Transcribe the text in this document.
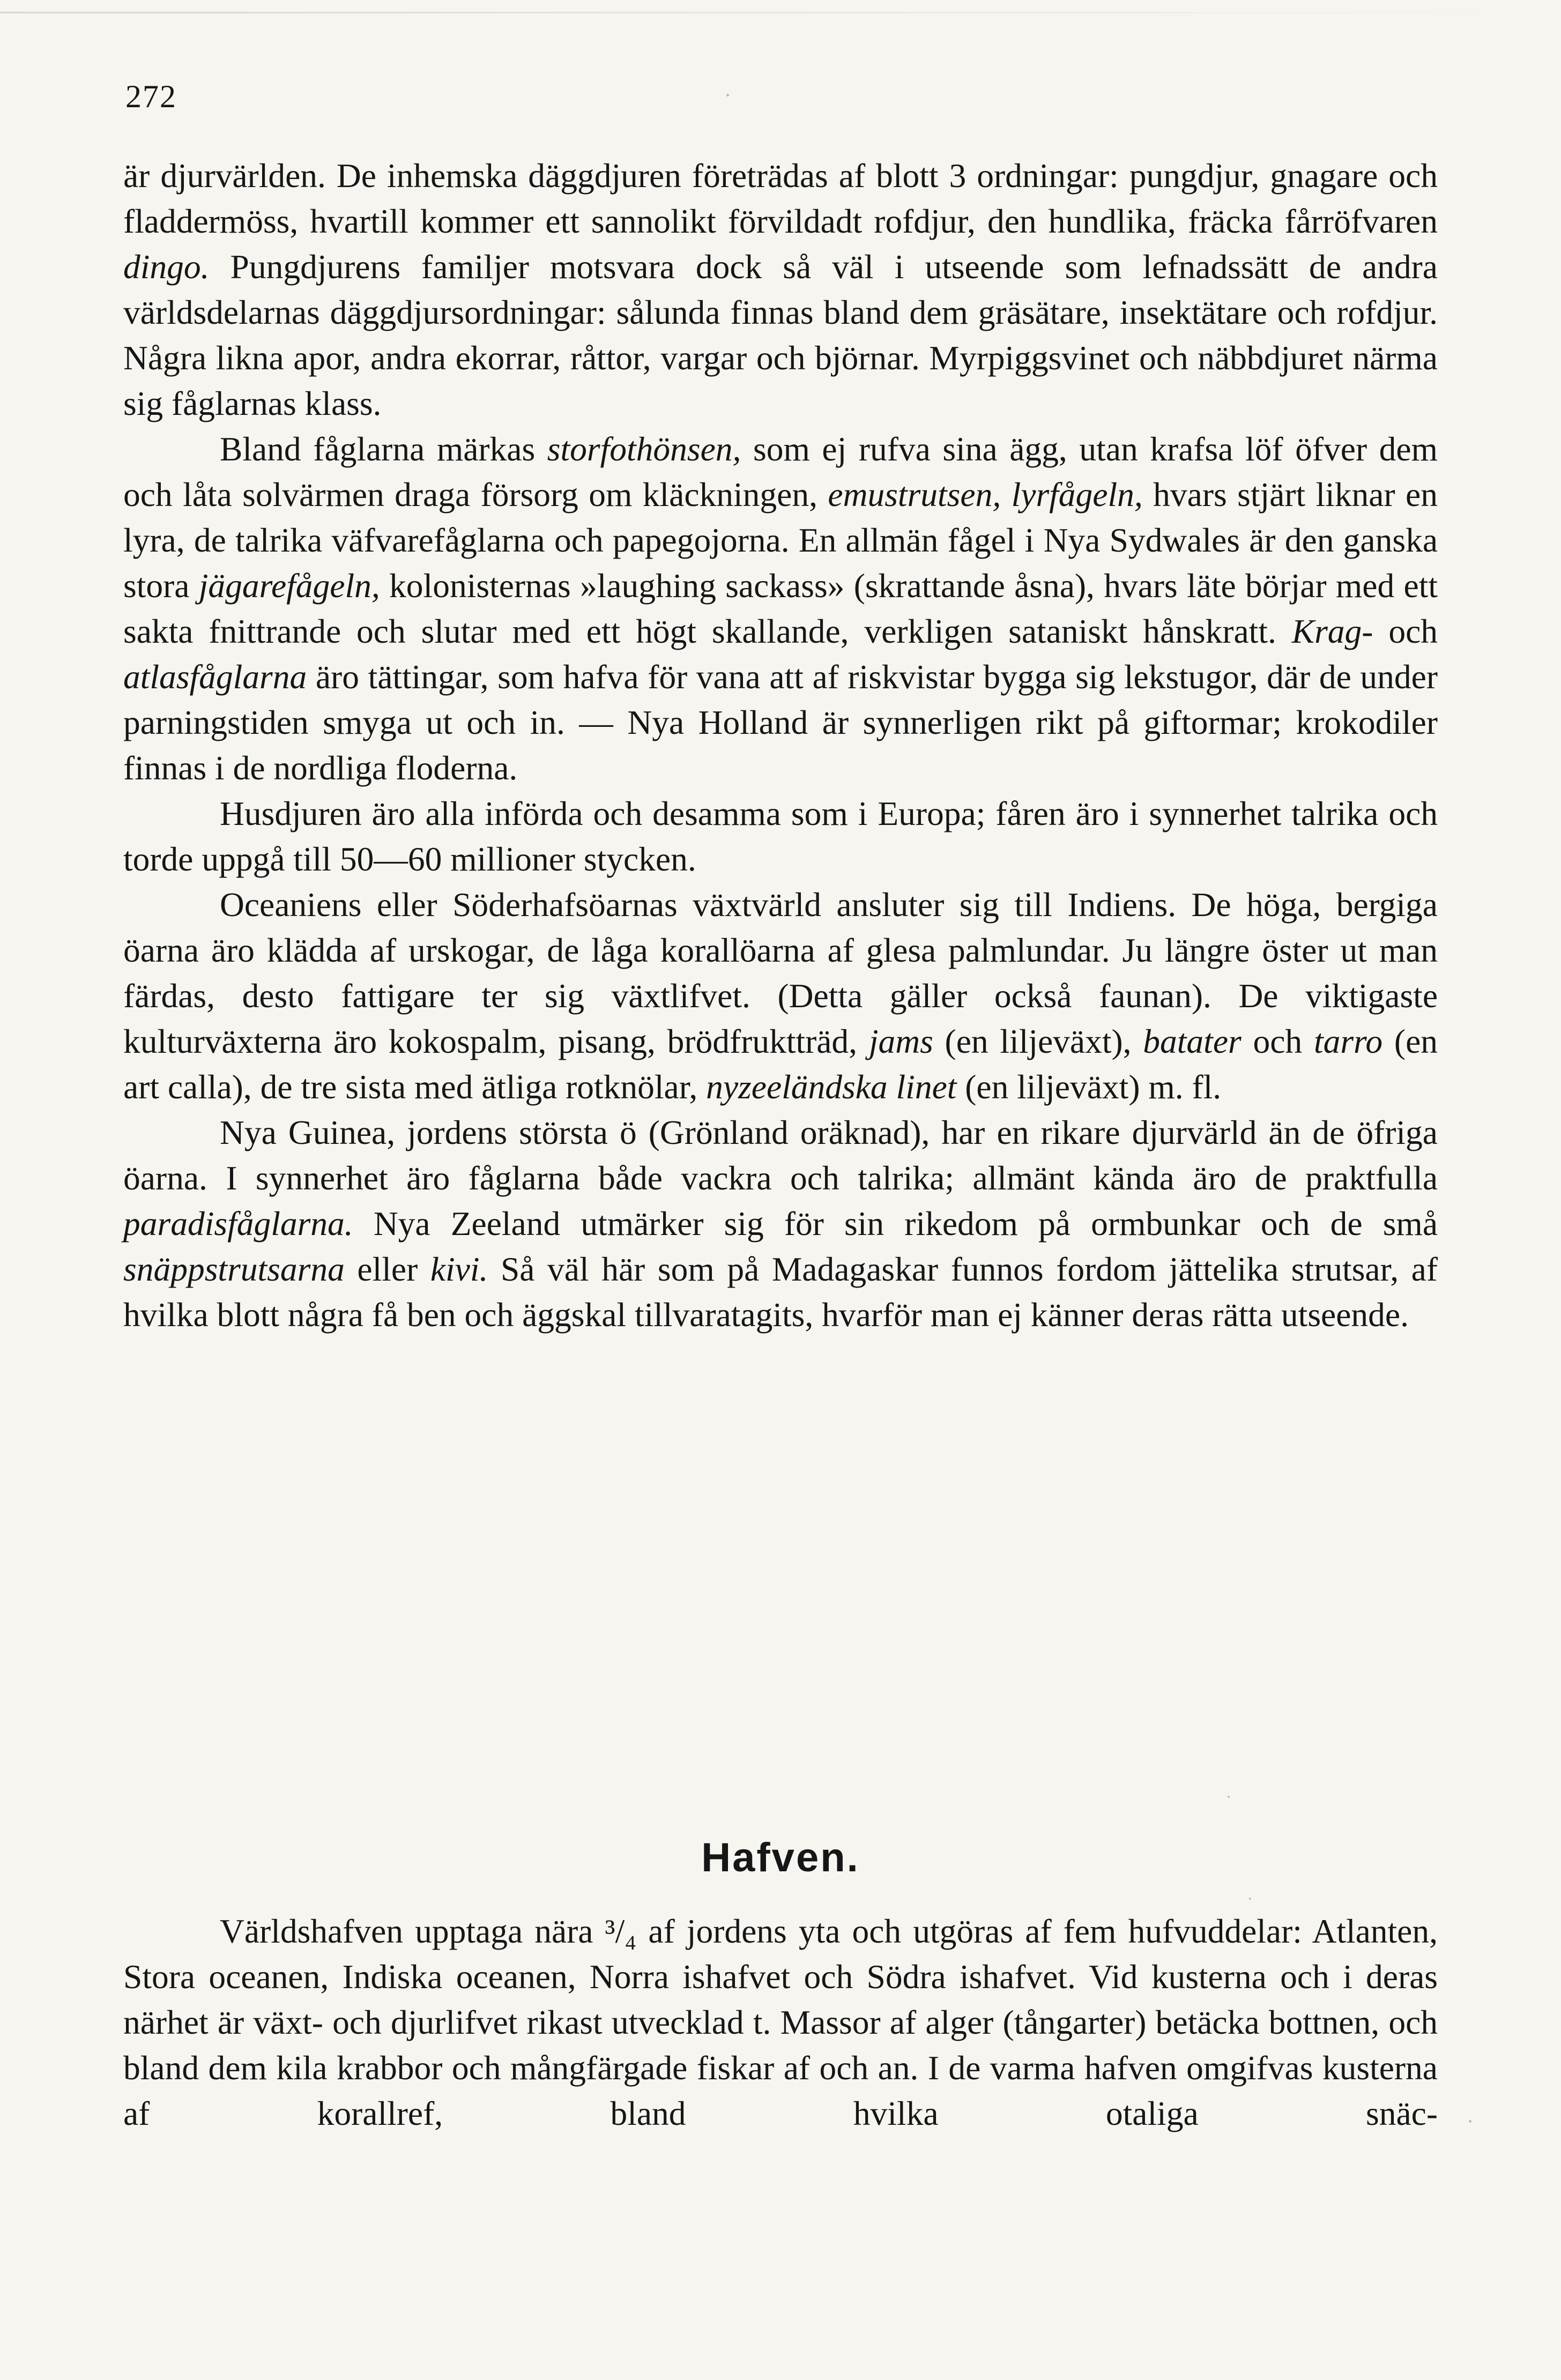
272

är djurvärlden. De inhemska däggdjuren företrädas af blott 3 ordningar: pungdjur, gnagare och fladdermöss, hvartill kommer ett sannolikt förvildadt rofdjur, den hundlika, fräcka fårröfvaren dingo. Pungdjurens familjer motsvara dock så väl i utseende som lefnadssätt de andra världsdelarnas däggdjursordningar: sålunda finnas bland dem gräsätare, insektätare och rofdjur. Några likna apor, andra ekorrar, råttor, vargar och björnar. Myrpiggsvinet och näbbdjuret närma sig fåglarnas klass.

Bland fåglarna märkas storfothönsen, som ej rufva sina ägg, utan krafsa löf öfver dem och låta solvärmen draga försorg om kläckningen, emustrutsen, lyrfågeln, hvars stjärt liknar en lyra, de talrika väfvarefåglarna och papegojorna. En allmän fågel i Nya Sydwales är den ganska stora jägarefågeln, kolonisternas »laughing sackass» (skrattande åsna), hvars läte börjar med ett sakta fnittrande och slutar med ett högt skallande, verkligen sataniskt hånskratt. Krag- och atlasfåglarna äro tättingar, som hafva för vana att af riskvistar bygga sig lekstugor, där de under parningstiden smyga ut och in. — Nya Holland är synnerligen rikt på giftormar; krokodiler finnas i de nordliga floderna.

Husdjuren äro alla införda och desamma som i Europa; fåren äro i synnerhet talrika och torde uppgå till 50—60 millioner stycken.

Oceaniens eller Söderhafsöarnas växtvärld ansluter sig till Indiens. De höga, bergiga öarna äro klädda af urskogar, de låga korallöarna af glesa palmlundar. Ju längre öster ut man färdas, desto fattigare ter sig växtlifvet. (Detta gäller också faunan). De viktigaste kulturväxterna äro kokospalm, pisang, brödfruktträd, jams (en liljeväxt), batater och tarro (en art calla), de tre sista med ätliga rotknölar, nyzeeländska linet (en liljeväxt) m. fl.

Nya Guinea, jordens största ö (Grönland oräknad), har en rikare djurvärld än de öfriga öarna. I synnerhet äro fåglarna både vackra och talrika; allmänt kända äro de praktfulla paradisfåglarna. Nya Zeeland utmärker sig för sin rikedom på ormbunkar och de små snäppstrutsarna eller kivi. Så väl här som på Madagaskar funnos fordom jättelika strutsar, af hvilka blott några få ben och äggskal tillvaratagits, hvarför man ej känner deras rätta utseende.

Hafven.

Världshafven upptaga nära ³/₄ af jordens yta och utgöras af fem hufvuddelar: Atlanten, Stora oceanen, Indiska oceanen, Norra ishafvet och Södra ishafvet. Vid kusterna och i deras närhet är växt- och djurlifvet rikast utvecklad t. Massor af alger (tångarter) betäcka bottnen, och bland dem kila krabbor och mångfärgade fiskar af och an. I de varma hafven omgifvas kusterna af korallref, bland hvilka otaliga snäc-
